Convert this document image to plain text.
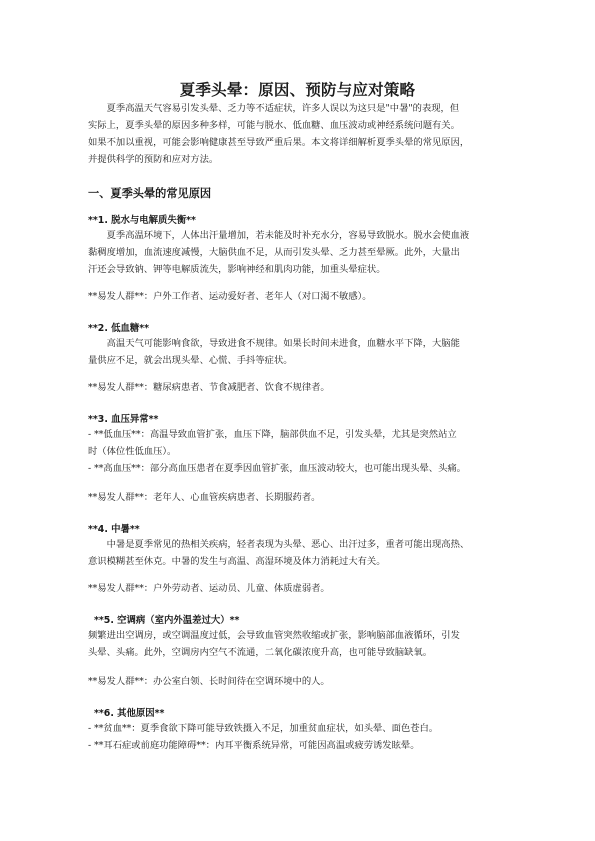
夏季头晕：原因、预防与应对策略
夏季高温天气容易引发头晕、乏力等不适症状，许多人误以为这只是"中暑"的表现，但
实际上，夏季头晕的原因多种多样，可能与脱水、低血糖、血压波动或神经系统问题有关。
如果不加以重视，可能会影响健康甚至导致严重后果。本文将详细解析夏季头晕的常见原因，
并提供科学的预防和应对方法。
一、夏季头晕的常见原因
**1. 脱水与电解质失衡**
夏季高温环境下，人体出汗量增加，若未能及时补充水分，容易导致脱水。脱水会使血液
黏稠度增加，血流速度减慢，大脑供血不足，从而引发头晕、乏力甚至晕厥。此外，大量出
汗还会导致钠、钾等电解质流失，影响神经和肌肉功能，加重头晕症状。
**易发人群**：户外工作者、运动爱好者、老年人（对口渴不敏感）。
**2. 低血糖**
高温天气可能影响食欲，导致进食不规律。如果长时间未进食，血糖水平下降，大脑能
量供应不足，就会出现头晕、心慌、手抖等症状。
**易发人群**：糖尿病患者、节食减肥者、饮食不规律者。
**3. 血压异常**
- **低血压**：高温导致血管扩张，血压下降，脑部供血不足，引发头晕，尤其是突然站立
时（体位性低血压）。
- **高血压**：部分高血压患者在夏季因血管扩张，血压波动较大，也可能出现头晕、头痛。
**易发人群**：老年人、心血管疾病患者、长期服药者。
**4. 中暑**
中暑是夏季常见的热相关疾病，轻者表现为头晕、恶心、出汗过多，重者可能出现高热、
意识模糊甚至休克。中暑的发生与高温、高湿环境及体力消耗过大有关。
**易发人群**：户外劳动者、运动员、儿童、体质虚弱者。
**5. 空调病（室内外温差过大）**
频繁进出空调房，或空调温度过低，会导致血管突然收缩或扩张，影响脑部血液循环，引发
头晕、头痛。此外，空调房内空气不流通，二氧化碳浓度升高，也可能导致脑缺氧。
**易发人群**：办公室白领、长时间待在空调环境中的人。
**6. 其他原因**
- **贫血**：夏季食欲下降可能导致铁摄入不足，加重贫血症状，如头晕、面色苍白。
- **耳石症或前庭功能障碍**：内耳平衡系统异常，可能因高温或疲劳诱发眩晕。
